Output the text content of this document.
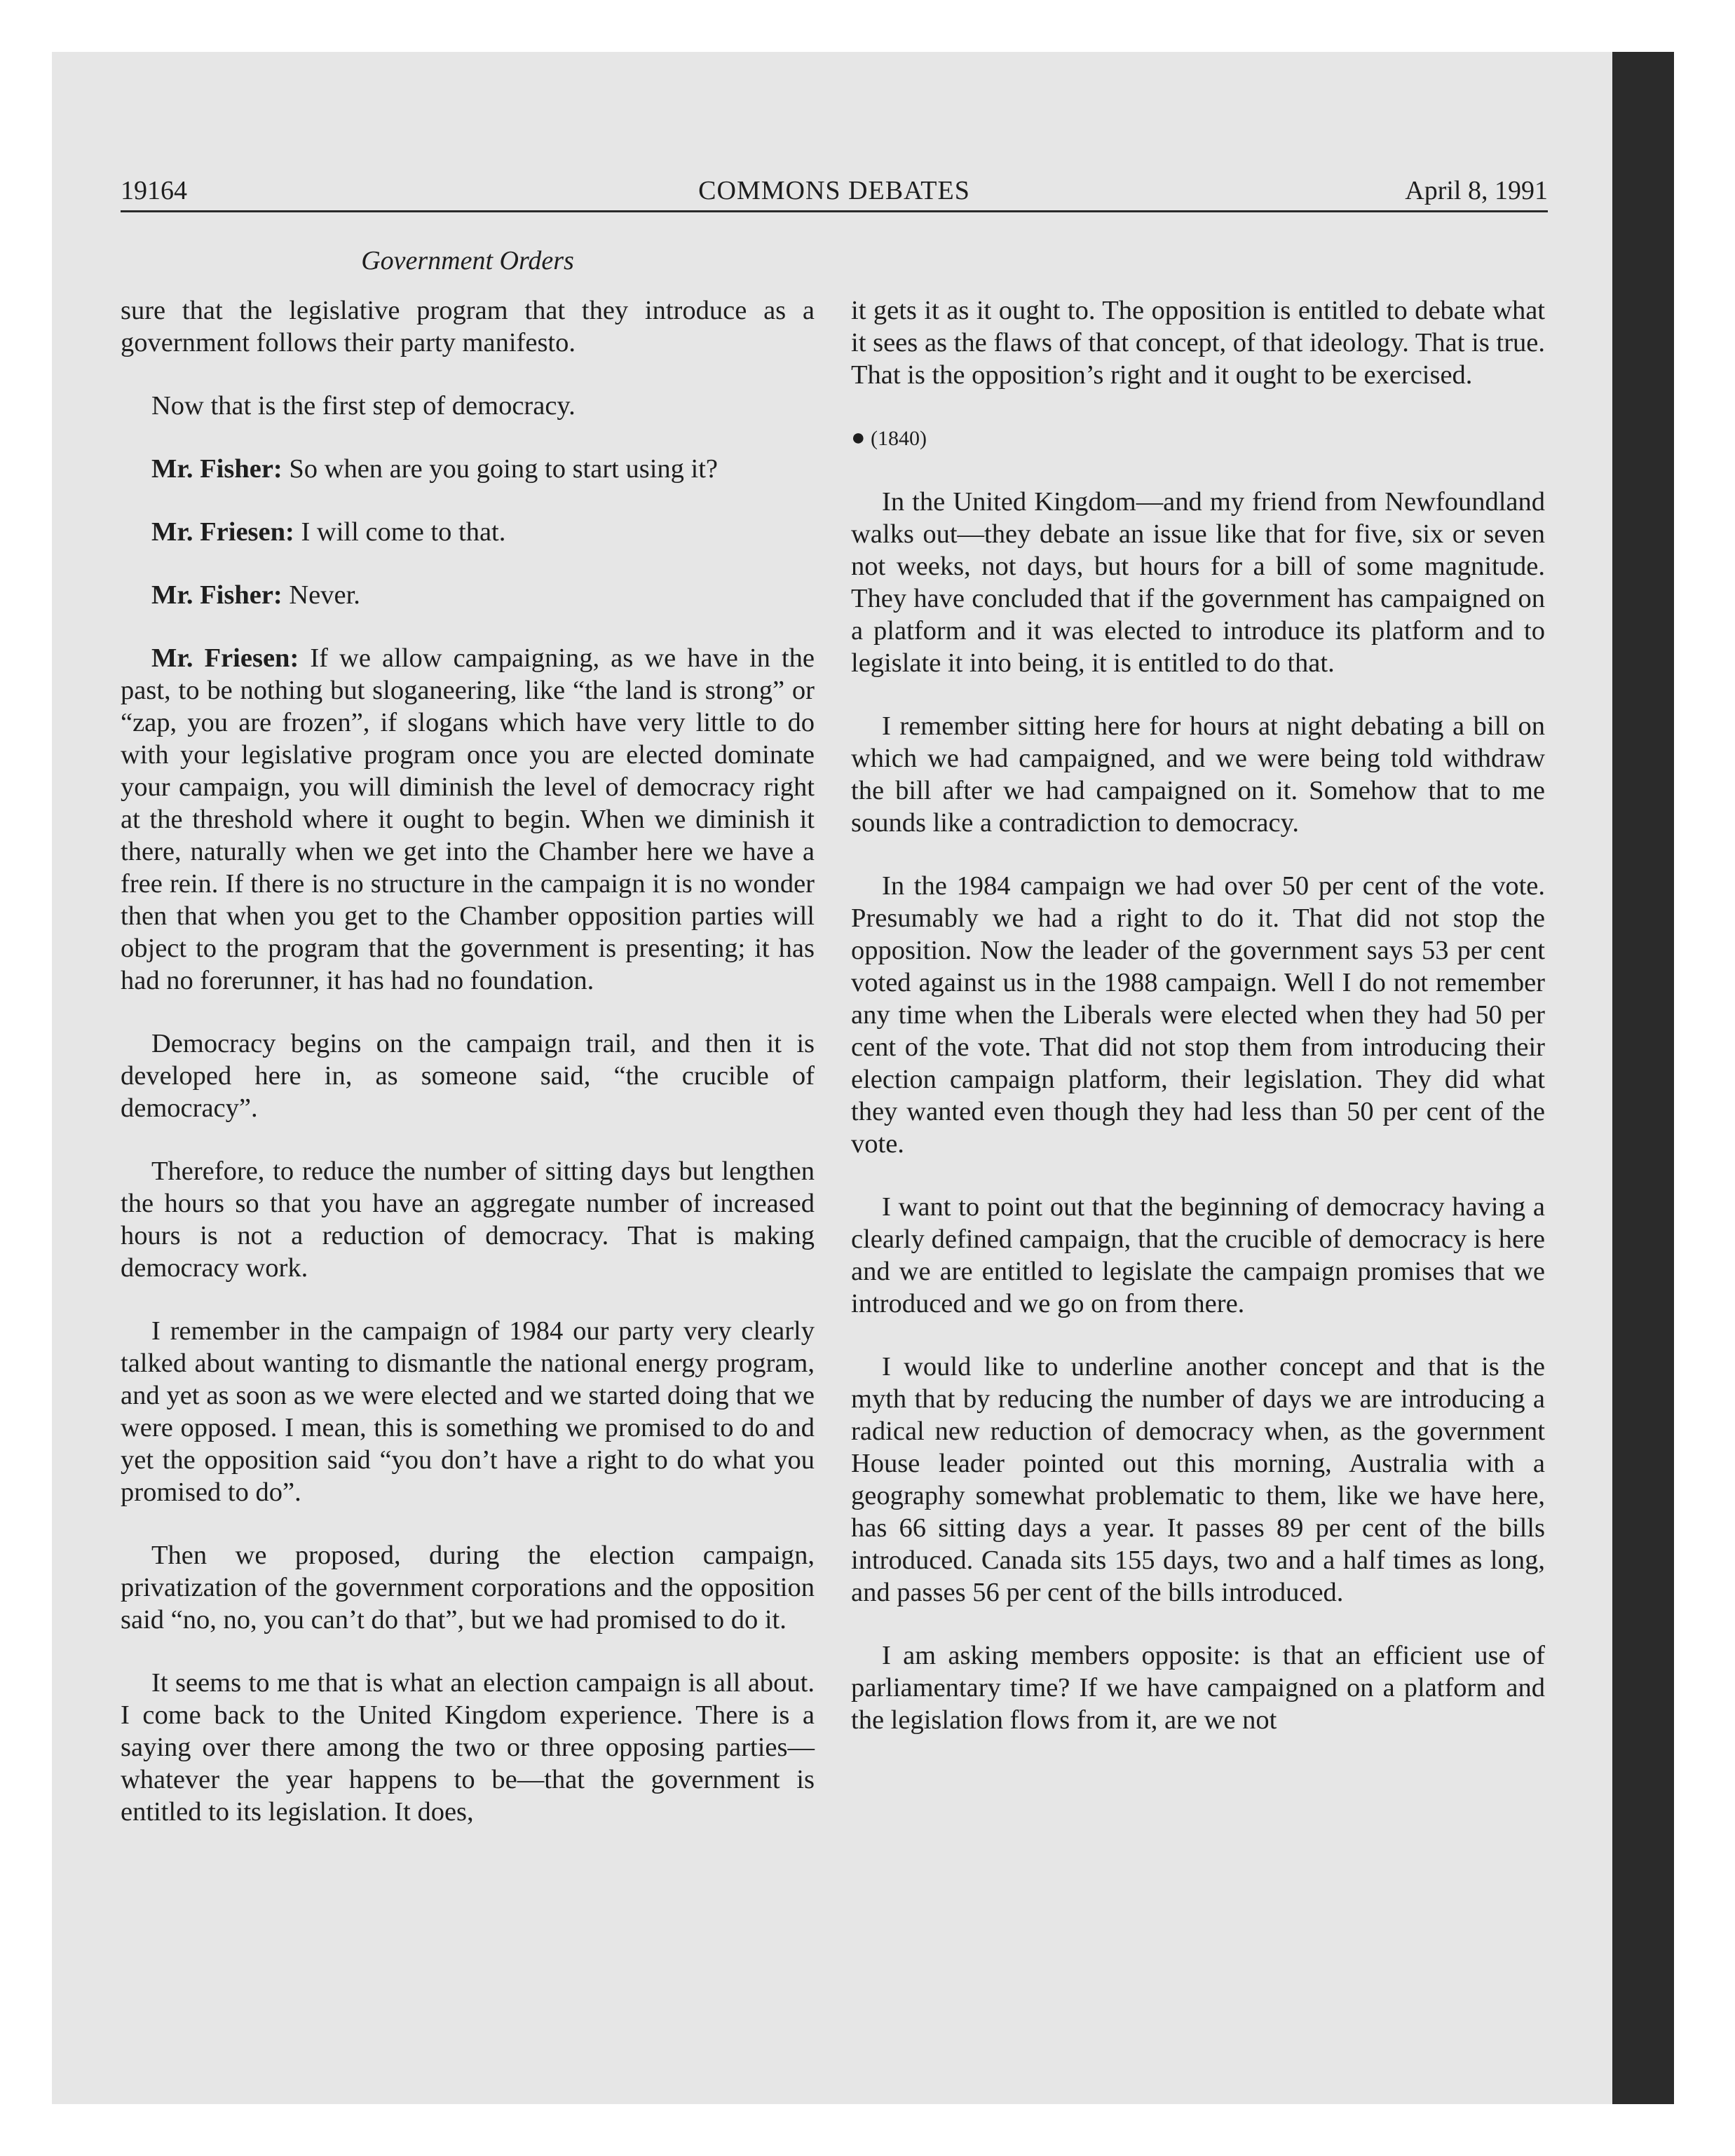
19164	COMMONS DEBATES	April 8, 1991
Government Orders

sure that the legislative program that they introduce as a government follows their party manifesto.

Now that is the first step of democracy.

Mr. Fisher: So when are you going to start using it?

Mr. Friesen: I will come to that.

Mr. Fisher: Never.

Mr. Friesen: If we allow campaigning, as we have in the past, to be nothing but sloganeering, like “the land is strong” or “zap, you are frozen”, if slogans which have very little to do with your legislative program once you are elected dominate your campaign, you will diminish the level of democracy right at the threshold where it ought to begin. When we diminish it there, naturally when we get into the Chamber here we have a free rein. If there is no structure in the campaign it is no wonder then that when you get to the Chamber opposition parties will object to the program that the government is presenting; it has had no forerunner, it has had no foundation.

Democracy begins on the campaign trail, and then it is developed here in, as someone said, “the crucible of democracy”.

Therefore, to reduce the number of sitting days but lengthen the hours so that you have an aggregate number of increased hours is not a reduction of democracy. That is making democracy work.

I remember in the campaign of 1984 our party very clearly talked about wanting to dismantle the national energy program, and yet as soon as we were elected and we started doing that we were opposed. I mean, this is something we promised to do and yet the opposition said “you don’t have a right to do what you promised to do”.

Then we proposed, during the election campaign, privatization of the government corporations and the opposition said “no, no, you can’t do that”, but we had promised to do it.

It seems to me that is what an election campaign is all about. I come back to the United Kingdom experience. There is a saying over there among the two or three opposing parties—whatever the year happens to be—that the government is entitled to its legislation. It does,

it gets it as it ought to. The opposition is entitled to debate what it sees as the flaws of that concept, of that ideology. That is true. That is the opposition’s right and it ought to be exercised.

● (1840)

In the United Kingdom—and my friend from Newfoundland walks out—they debate an issue like that for five, six or seven not weeks, not days, but hours for a bill of some magnitude. They have concluded that if the government has campaigned on a platform and it was elected to introduce its platform and to legislate it into being, it is entitled to do that.

I remember sitting here for hours at night debating a bill on which we had campaigned, and we were being told withdraw the bill after we had campaigned on it. Somehow that to me sounds like a contradiction to democracy.

In the 1984 campaign we had over 50 per cent of the vote. Presumably we had a right to do it. That did not stop the opposition. Now the leader of the government says 53 per cent voted against us in the 1988 campaign. Well I do not remember any time when the Liberals were elected when they had 50 per cent of the vote. That did not stop them from introducing their election campaign platform, their legislation. They did what they wanted even though they had less than 50 per cent of the vote.

I want to point out that the beginning of democracy having a clearly defined campaign, that the crucible of democracy is here and we are entitled to legislate the campaign promises that we introduced and we go on from there.

I would like to underline another concept and that is the myth that by reducing the number of days we are introducing a radical new reduction of democracy when, as the government House leader pointed out this morning, Australia with a geography somewhat problematic to them, like we have here, has 66 sitting days a year. It passes 89 per cent of the bills introduced. Canada sits 155 days, two and a half times as long, and passes 56 per cent of the bills introduced.

I am asking members opposite: is that an efficient use of parliamentary time? If we have campaigned on a platform and the legislation flows from it, are we not
